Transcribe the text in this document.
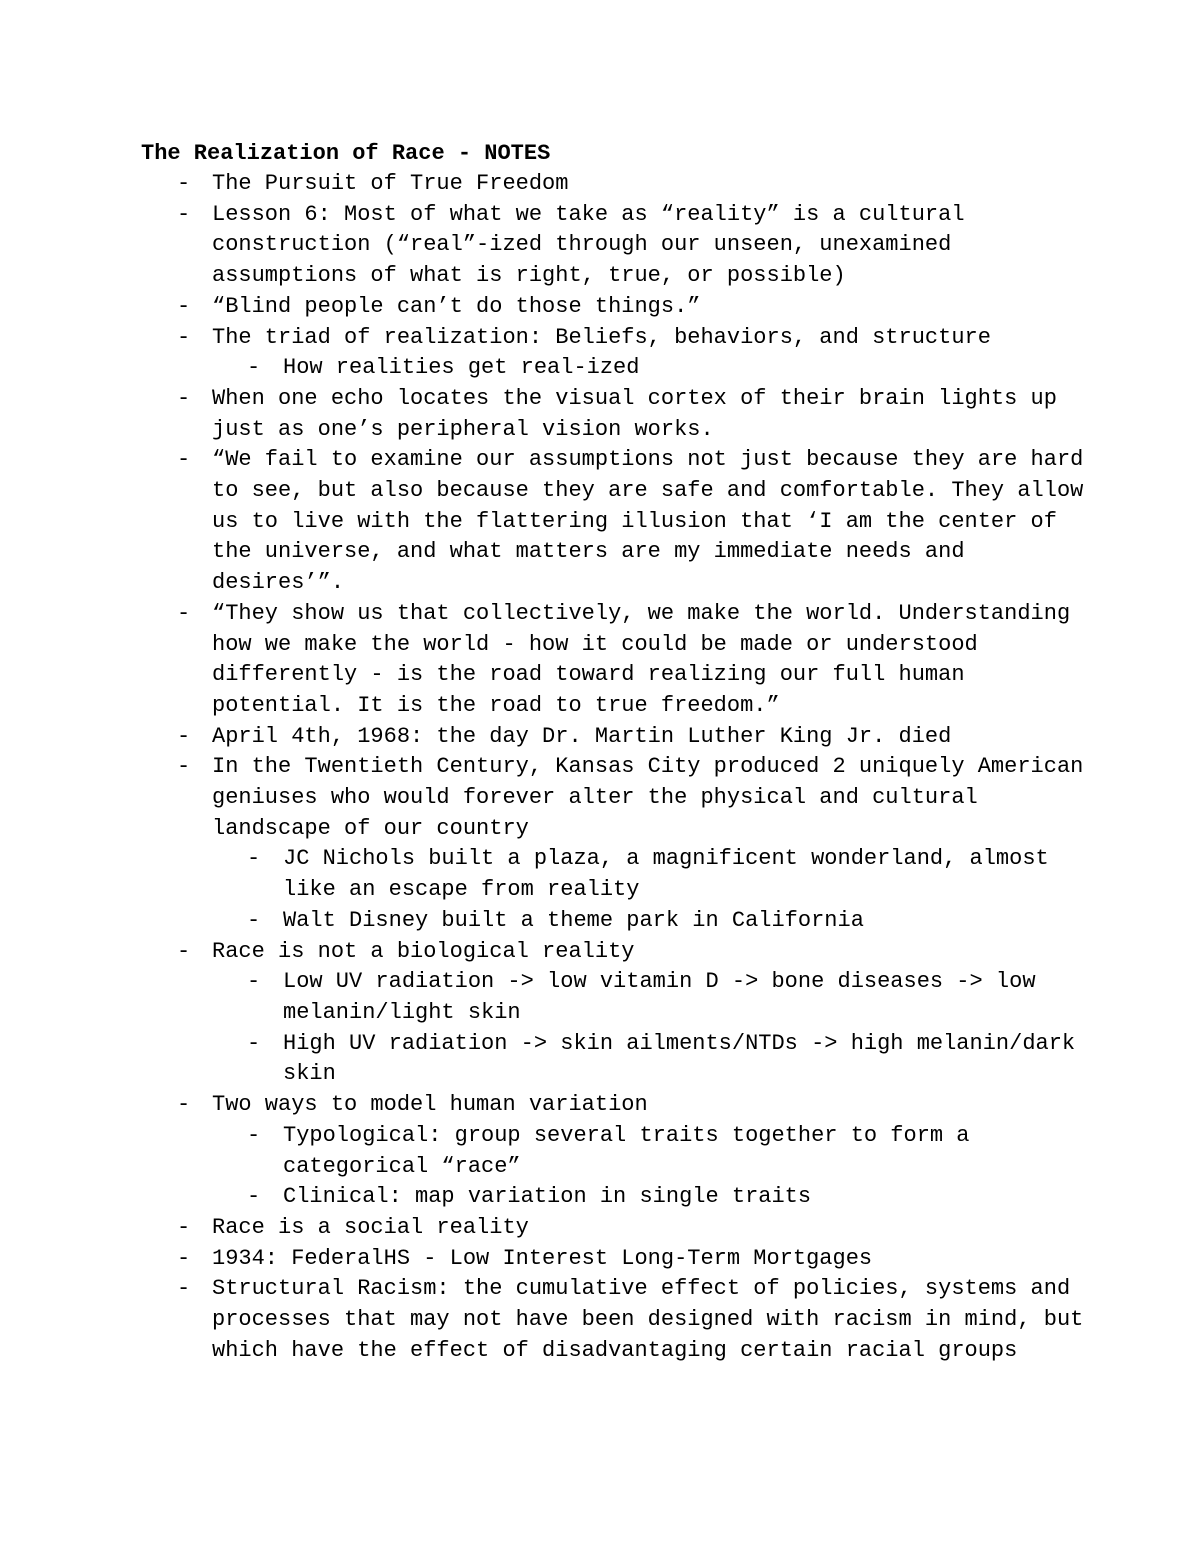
The Realization of Race - NOTES
- The Pursuit of True Freedom
- Lesson 6: Most of what we take as “reality” is a cultural construction (“real”-ized through our unseen, unexamined assumptions of what is right, true, or possible)
- “Blind people can’t do those things.”
- The triad of realization: Beliefs, behaviors, and structure
- How realities get real-ized
- When one echo locates the visual cortex of their brain lights up just as one’s peripheral vision works.
- “We fail to examine our assumptions not just because they are hard to see, but also because they are safe and comfortable. They allow us to live with the flattering illusion that ‘I am the center of the universe, and what matters are my immediate needs and desires’”.
- “They show us that collectively, we make the world. Understanding how we make the world - how it could be made or understood differently - is the road toward realizing our full human potential. It is the road to true freedom.”
- April 4th, 1968: the day Dr. Martin Luther King Jr. died
- In the Twentieth Century, Kansas City produced 2 uniquely American geniuses who would forever alter the physical and cultural landscape of our country
- JC Nichols built a plaza, a magnificent wonderland, almost like an escape from reality
- Walt Disney built a theme park in California
- Race is not a biological reality
- Low UV radiation -> low vitamin D -> bone diseases -> low melanin/light skin
- High UV radiation -> skin ailments/NTDs -> high melanin/dark skin
- Two ways to model human variation
- Typological: group several traits together to form a categorical “race”
- Clinical: map variation in single traits
- Race is a social reality
- 1934: FederalHS - Low Interest Long-Term Mortgages
- Structural Racism: the cumulative effect of policies, systems and processes that may not have been designed with racism in mind, but which have the effect of disadvantaging certain racial groups
